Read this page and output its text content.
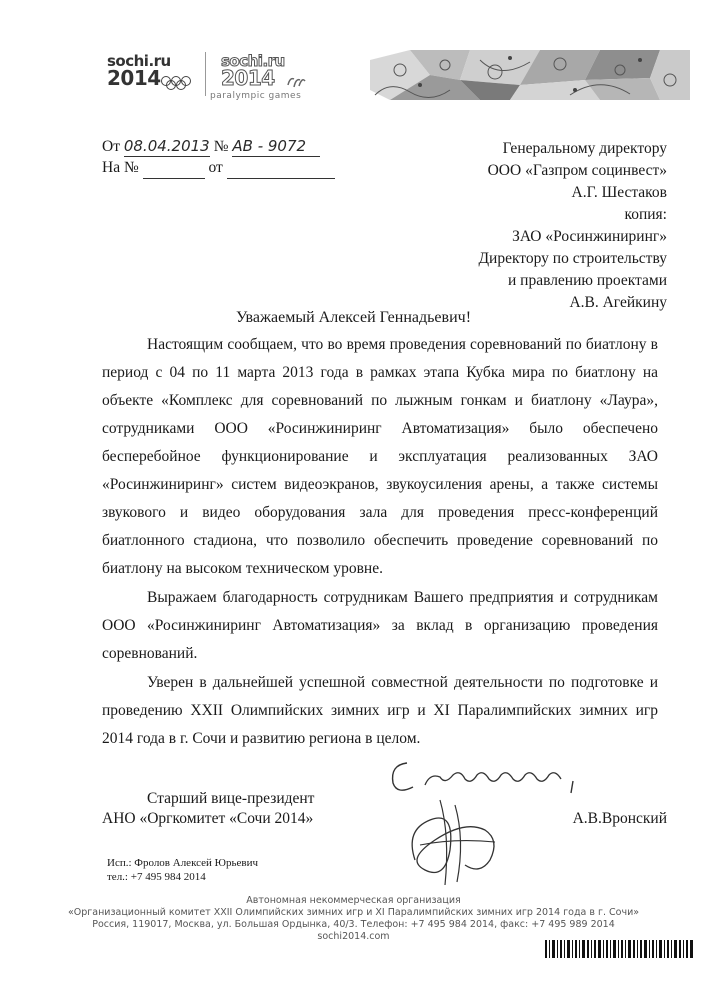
sochi.ru
2014
sochi.ru
2014
paralympic games
От 08.04.2013 № АВ - 9072
На №	от
Генеральному директору
ООО «Газпром социнвест»
А.Г. Шестаков
копия:
ЗАО «Росинжиниринг»
Директору по строительству
и правлению проектами
А.В. Агейкину
Уважаемый Алексей Геннадьевич!

Настоящим сообщаем, что во время проведения соревнований по биатлону в период с 04 по 11 марта 2013 года в рамках этапа Кубка мира по биатлону на объекте «Комплекс для соревнований по лыжным гонкам и биатлону «Лаура», сотрудниками ООО «Росинжиниринг Автоматизация» было обеспечено бесперебойное функционирование и эксплуатация реализованных ЗАО «Росинжиниринг» систем видеоэкранов, звукоусиления арены, а также системы звукового и видео оборудования зала для проведения пресс-конференций биатлонного стадиона, что позволило обеспечить проведение соревнований по биатлону на высоком техническом уровне.

Выражаем благодарность сотрудникам Вашего предприятия и сотрудникам ООО «Росинжиниринг Автоматизация» за вклад в организацию проведения соревнований.

Уверен в дальнейшей успешной совместной деятельности по подготовке и проведению XXII Олимпийских зимних игр и XI Паралимпийских зимних игр 2014 года в г. Сочи и развитию региона в целом.

Старший вице-президент
АНО «Оргкомитет «Сочи 2014»	А.В.Вронский
Исп.: Фролов Алексей Юрьевич
тел.: +7 495 984 2014
Автономная некоммерческая организация
«Организационный комитет XXII Олимпийских зимних игр и XI Паралимпийских зимних игр 2014 года в г. Сочи»
Россия, 119017, Москва, ул. Большая Ордынка, 40/3. Телефон: +7 495 984 2014, факс: +7 495 989 2014
sochi2014.com
